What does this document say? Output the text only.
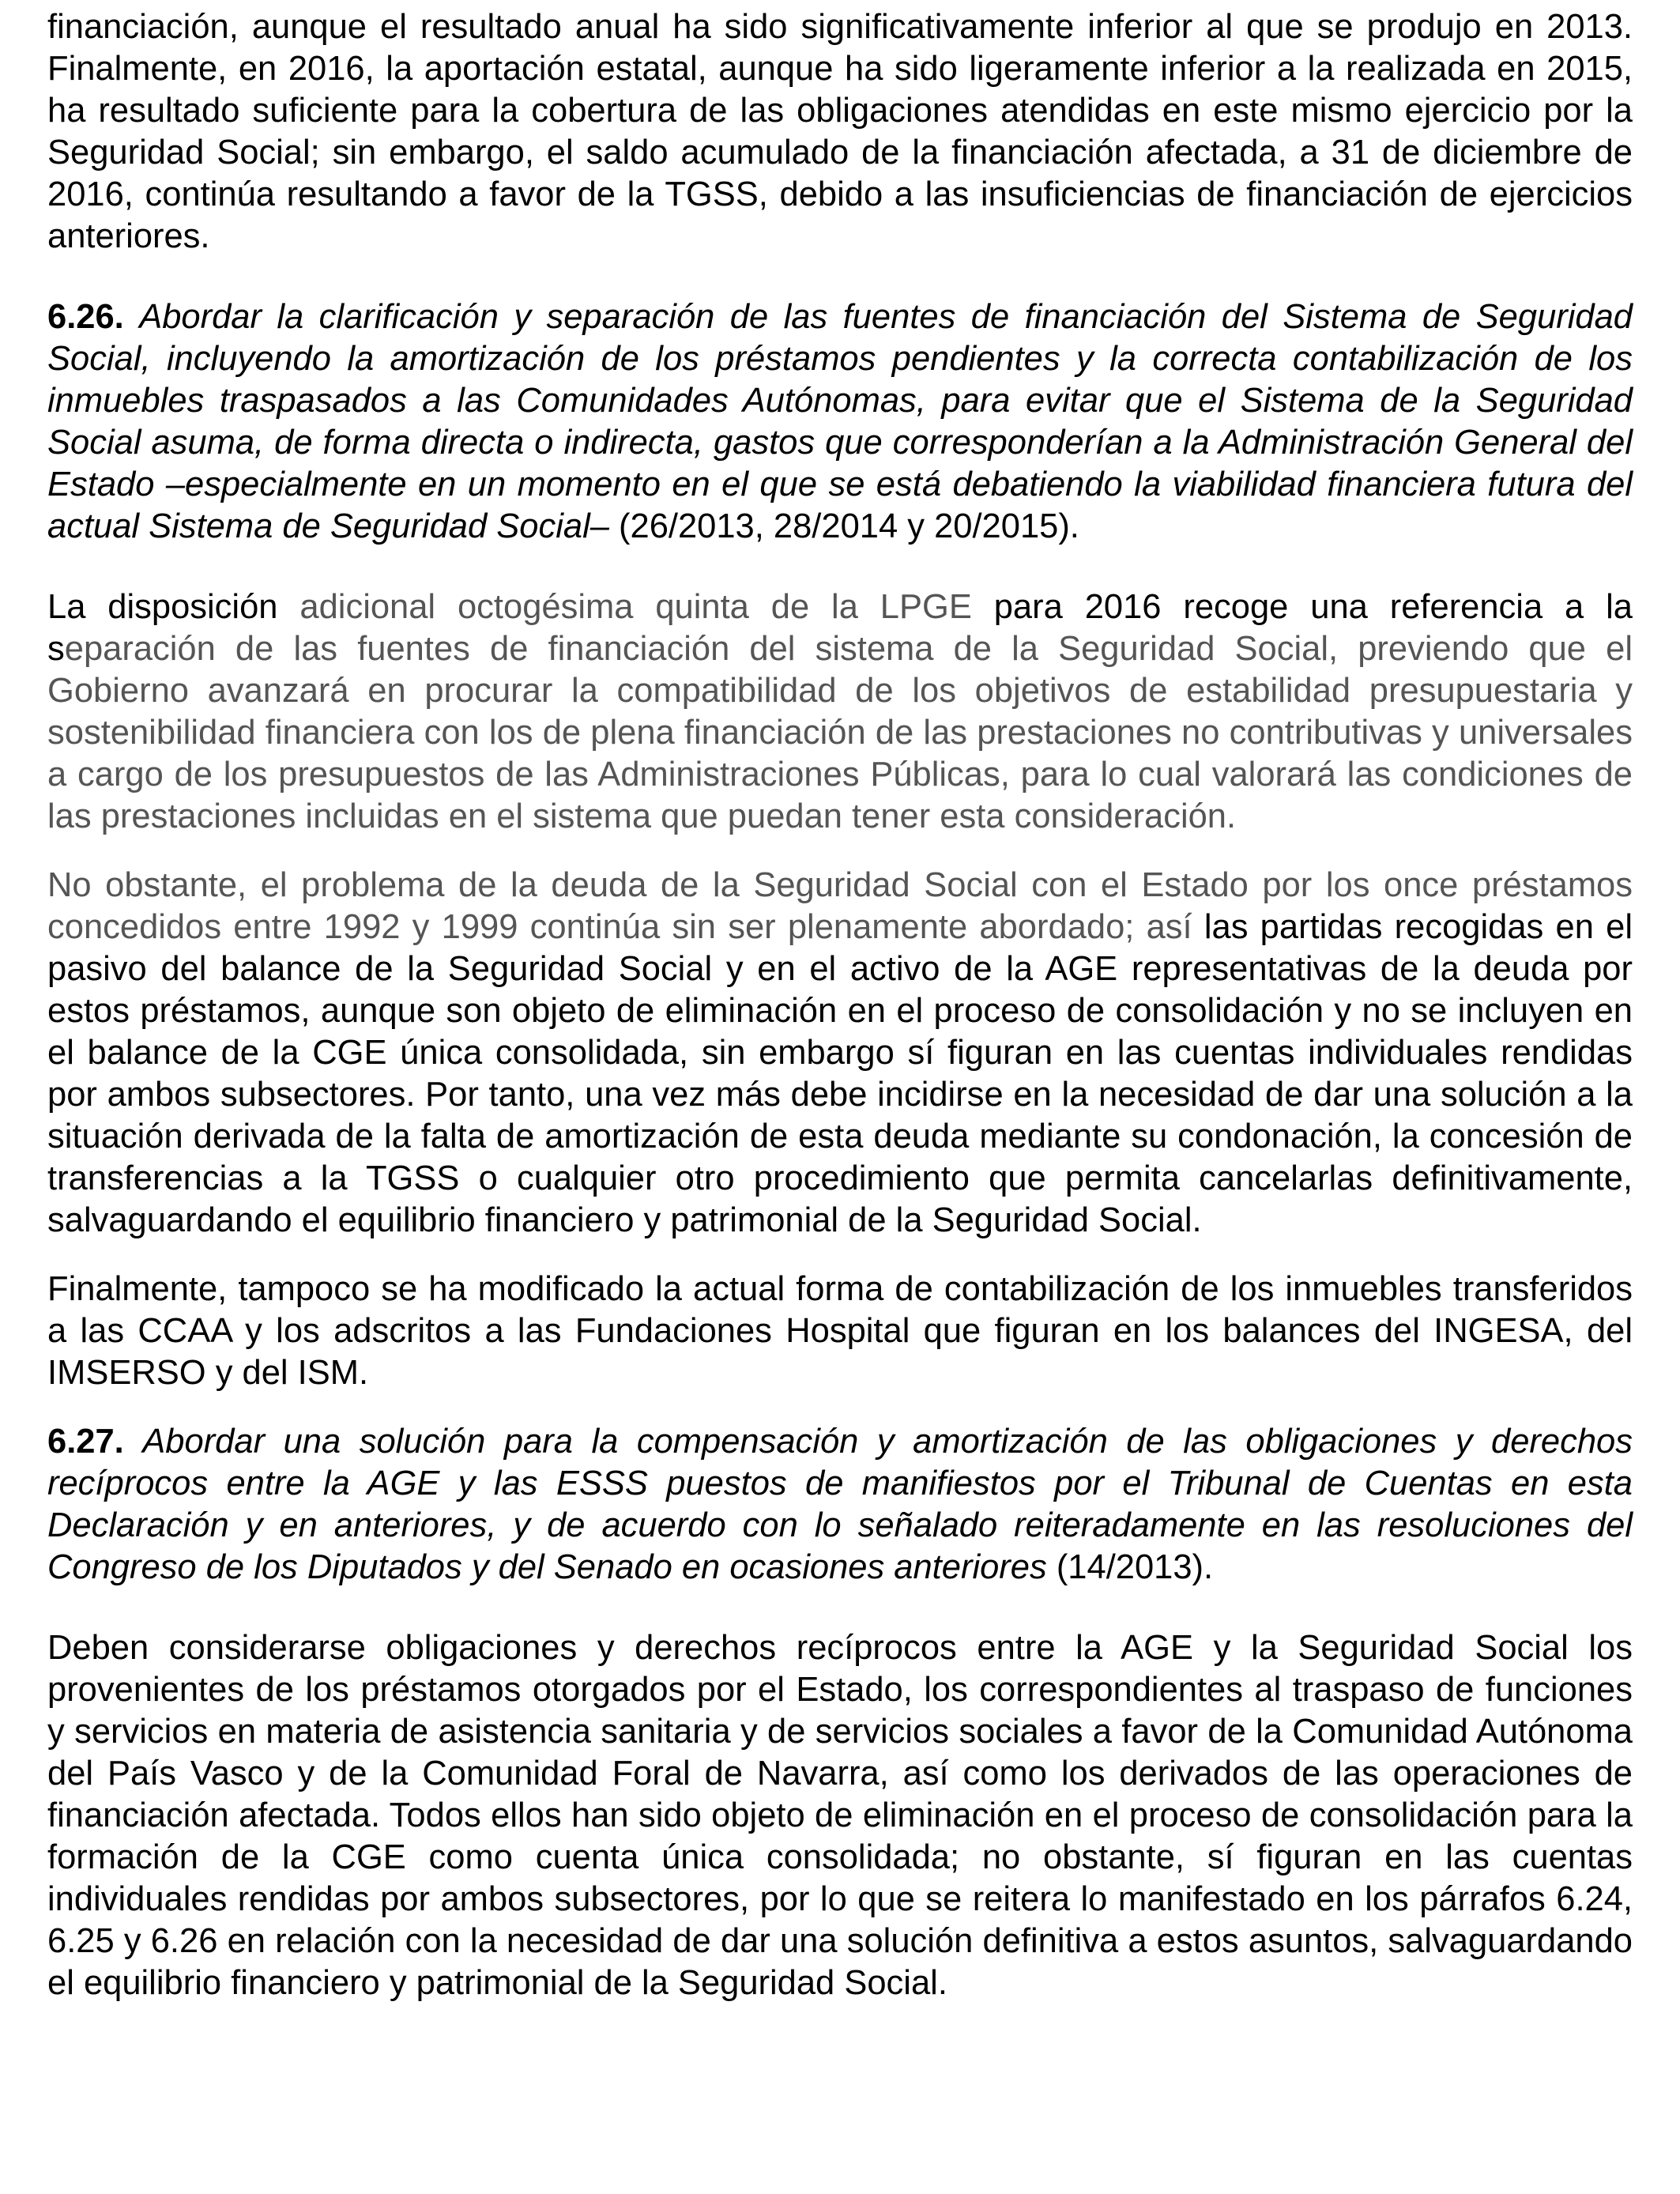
financiación, aunque el resultado anual ha sido significativamente inferior al que se produjo en 2013. Finalmente, en 2016, la aportación estatal, aunque ha sido ligeramente inferior a la realizada en 2015, ha resultado suficiente para la cobertura de las obligaciones atendidas en este mismo ejercicio por la Seguridad Social; sin embargo, el saldo acumulado de la financiación afectada, a 31 de diciembre de 2016, continúa resultando a favor de la TGSS, debido a las insuficiencias de financiación de ejercicios anteriores.

6.26. Abordar la clarificación y separación de las fuentes de financiación del Sistema de Seguridad Social, incluyendo la amortización de los préstamos pendientes y la correcta contabilización de los inmuebles traspasados a las Comunidades Autónomas, para evitar que el Sistema de la Seguridad Social asuma, de forma directa o indirecta, gastos que corresponderían a la Administración General del Estado –especialmente en un momento en el que se está debatiendo la viabilidad financiera futura del actual Sistema de Seguridad Social– (26/2013, 28/2014 y 20/2015).

La disposición adicional octogésima quinta de la LPGE para 2016 recoge una referencia a la separación de las fuentes de financiación del sistema de la Seguridad Social, previendo que el Gobierno avanzará en procurar la compatibilidad de los objetivos de estabilidad presupuestaria y sostenibilidad financiera con los de plena financiación de las prestaciones no contributivas y universales a cargo de los presupuestos de las Administraciones Públicas, para lo cual valorará las condiciones de las prestaciones incluidas en el sistema que puedan tener esta consideración.

No obstante, el problema de la deuda de la Seguridad Social con el Estado por los once préstamos concedidos entre 1992 y 1999 continúa sin ser plenamente abordado; así las partidas recogidas en el pasivo del balance de la Seguridad Social y en el activo de la AGE representativas de la deuda por estos préstamos, aunque son objeto de eliminación en el proceso de consolidación y no se incluyen en el balance de la CGE única consolidada, sin embargo sí figuran en las cuentas individuales rendidas por ambos subsectores. Por tanto, una vez más debe incidirse en la necesidad de dar una solución a la situación derivada de la falta de amortización de esta deuda mediante su condonación, la concesión de transferencias a la TGSS o cualquier otro procedimiento que permita cancelarlas definitivamente, salvaguardando el equilibrio financiero y patrimonial de la Seguridad Social.

Finalmente, tampoco se ha modificado la actual forma de contabilización de los inmuebles transferidos a las CCAA y los adscritos a las Fundaciones Hospital que figuran en los balances del INGESA, del IMSERSO y del ISM.

6.27. Abordar una solución para la compensación y amortización de las obligaciones y derechos recíprocos entre la AGE y las ESSS puestos de manifiestos por el Tribunal de Cuentas en esta Declaración y en anteriores, y de acuerdo con lo señalado reiteradamente en las resoluciones del Congreso de los Diputados y del Senado en ocasiones anteriores (14/2013).

Deben considerarse obligaciones y derechos recíprocos entre la AGE y la Seguridad Social los provenientes de los préstamos otorgados por el Estado, los correspondientes al traspaso de funciones y servicios en materia de asistencia sanitaria y de servicios sociales a favor de la Comunidad Autónoma del País Vasco y de la Comunidad Foral de Navarra, así como los derivados de las operaciones de financiación afectada. Todos ellos han sido objeto de eliminación en el proceso de consolidación para la formación de la CGE como cuenta única consolidada; no obstante, sí figuran en las cuentas individuales rendidas por ambos subsectores, por lo que se reitera lo manifestado en los párrafos 6.24, 6.25 y 6.26 en relación con la necesidad de dar una solución definitiva a estos asuntos, salvaguardando el equilibrio financiero y patrimonial de la Seguridad Social.
